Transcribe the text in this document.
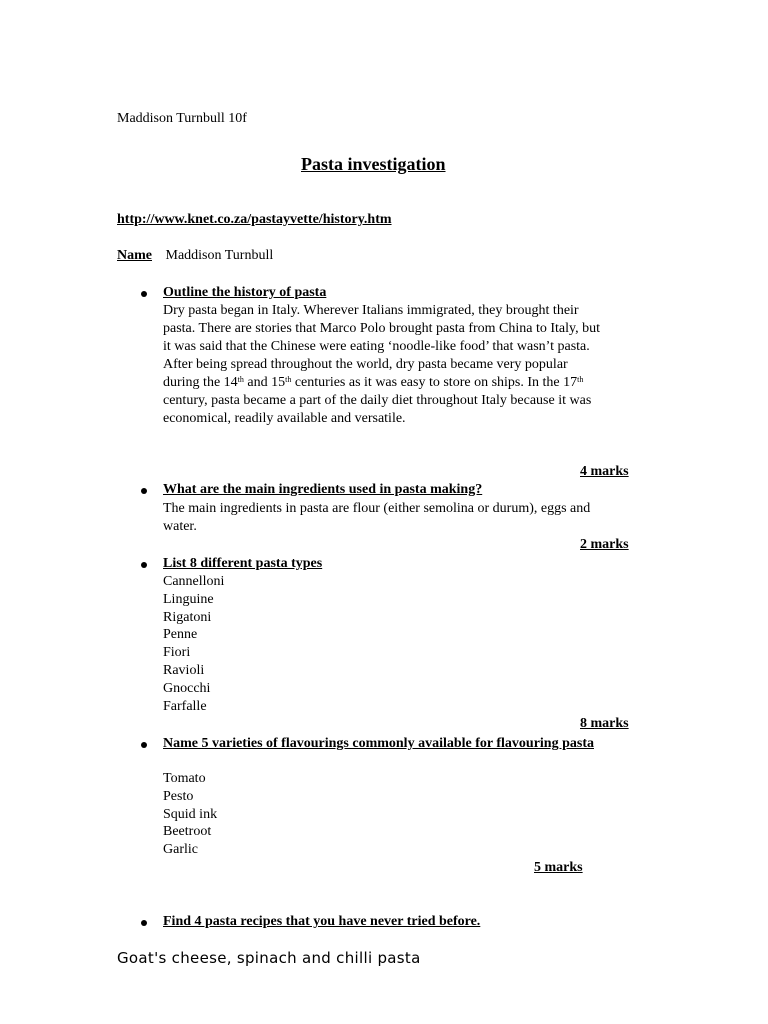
Maddison Turnbull 10f
Pasta investigation
http://www.knet.co.za/pastayvette/history.htm
Name Maddison Turnbull
Outline the history of pasta
Dry pasta began in Italy. Wherever Italians immigrated, they brought their
pasta. There are stories that Marco Polo brought pasta from China to Italy, but
it was said that the Chinese were eating ‘noodle-like food’ that wasn’t pasta.
After being spread throughout the world, dry pasta became very popular
during the 14th and 15th centuries as it was easy to store on ships. In the 17th
century, pasta became a part of the daily diet throughout Italy because it was
economical, readily available and versatile.
4 marks
What are the main ingredients used in pasta making?
The main ingredients in pasta are flour (either semolina or durum), eggs and
water.
2 marks
List 8 different pasta types
Cannelloni
Linguine
Rigatoni
Penne
Fiori
Ravioli
Gnocchi
Farfalle
8 marks
Name 5 varieties of flavourings commonly available for flavouring pasta
Tomato
Pesto
Squid ink
Beetroot
Garlic
5 marks
Find 4 pasta recipes that you have never tried before.
Goat's cheese, spinach and chilli pasta
